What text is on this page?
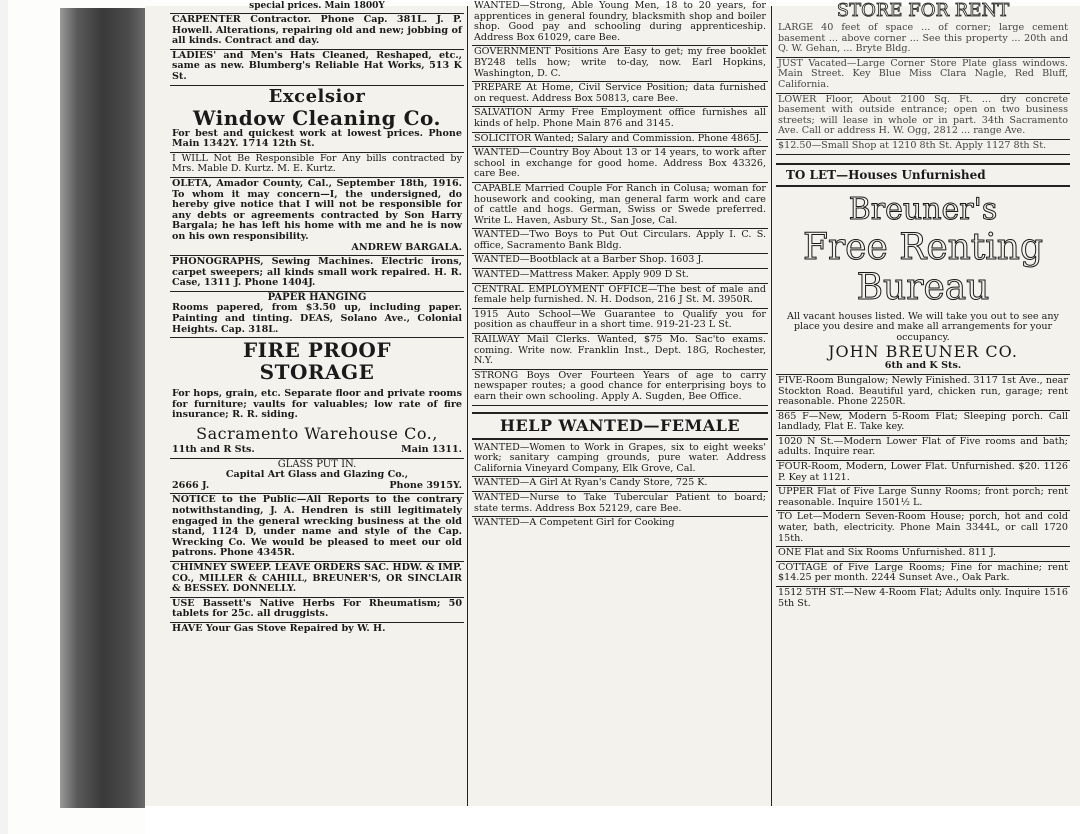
special prices. Main 1800Y
CARPENTER Contractor. Phone Cap. 381L. J. P. Howell. Alterations, repairing old and new; jobbing of all kinds. Contract and day.
LADIES' and Men's Hats Cleaned, Reshaped, etc., same as new. Blumberg's Reliable Hat Works, 513 K St.
Excelsior
Window Cleaning Co.
For best and quickest work at lowest prices. Phone Main 1342Y. 1714 12th St.
I WILL Not Be Responsible For Any bills contracted by Mrs. Mable D. Kurtz. M. E. Kurtz.
OLETA, Amador County, Cal., September 18th, 1916. To whom it may concern—I, the undersigned, do hereby give notice that I will not be responsible for any debts or agreements contracted by Son Harry Bargala; he has left his home with me and he is now on his own responsibility.
ANDREW BARGALA.
PHONOGRAPHS, Sewing Machines. Electric irons, carpet sweepers; all kinds small work repaired. H. R. Case, 1311 J. Phone 1404J.
PAPER HANGING
Rooms papered, from $3.50 up, including paper. Painting and tinting. DEAS, Solano Ave., Colonial Heights. Cap. 318L.
FIRE PROOF
STORAGE
For hops, grain, etc. Separate floor and private rooms for furniture; vaults for valuables; low rate of fire insurance; R. R. siding.
Sacramento Warehouse Co.,
11th and R Sts.	Main 1311.
GLASS PUT IN.
Capital Art Glass and Glazing Co.,
2666 J.	Phone 3915Y.
NOTICE to the Public—All Reports to the contrary notwithstanding, J. A. Hendren is still legitimately engaged in the general wrecking business at the old stand, 1124 D, under name and style of the Cap. Wrecking Co. We would be pleased to meet our old patrons. Phone 4345R.
CHIMNEY SWEEP. LEAVE ORDERS SAC. HDW. & IMP. CO., MILLER & CAHILL, BREUNER'S, OR SINCLAIR & BESSEY. DONNELLY.
USE Bassett's Native Herbs For Rheumatism; 50 tablets for 25c. all druggists.
HAVE Your Gas Stove Repaired by W. H.
WANTED—Strong, Able Young Men, 18 to 20 years, for apprentices in general foundry, blacksmith shop and boiler shop. Good pay and schooling during apprenticeship. Address Box 61029, care Bee.
GOVERNMENT Positions Are Easy to get; my free booklet BY248 tells how; write to-day, now. Earl Hopkins, Washington, D. C.
PREPARE At Home, Civil Service Position; data furnished on request. Address Box 50813, care Bee.
SALVATION Army Free Employment office furnishes all kinds of help. Phone Main 876 and 3145.
SOLICITOR Wanted; Salary and Commission. Phone 4865J.
WANTED—Country Boy About 13 or 14 years, to work after school in exchange for good home. Address Box 43326, care Bee.
CAPABLE Married Couple For Ranch in Colusa; woman for housework and cooking, man general farm work and care of cattle and hogs. German, Swiss or Swede preferred. Write L. Haven, Asbury St., San Jose, Cal.
WANTED—Two Boys to Put Out Circulars. Apply I. C. S. office, Sacramento Bank Bldg.
WANTED—Bootblack at a Barber Shop. 1603 J.
WANTED—Mattress Maker. Apply 909 D St.
CENTRAL EMPLOYMENT OFFICE—The best of male and female help furnished. N. H. Dodson, 216 J St. M. 3950R.
1915 Auto School—We Guarantee to Qualify you for position as chauffeur in a short time. 919-21-23 L St.
RAILWAY Mail Clerks. Wanted, $75 Mo. Sac'to exams. coming. Write now. Franklin Inst., Dept. 18G, Rochester, N.Y.
STRONG Boys Over Fourteen Years of age to carry newspaper routes; a good chance for enterprising boys to earn their own schooling. Apply A. Sugden, Bee Office.
HELP WANTED—FEMALE
WANTED—Women to Work in Grapes, six to eight weeks' work; sanitary camping grounds, pure water. Address California Vineyard Company, Elk Grove, Cal.
WANTED—A Girl At Ryan's Candy Store, 725 K.
WANTED—Nurse to Take Tubercular Patient to board; state terms. Address Box 52129, care Bee.
WANTED—A Competent Girl for Cooking
STORE FOR RENT
LARGE 40 feet of space ... of corner; large cement basement ... above corner ... See this property ... 20th and Q. W. Gehan, ... Bryte Bldg.
JUST Vacated—Large Corner Store Plate glass windows. Main Street. Key Blue Miss Clara Nagle, Red Bluff, California.
LOWER Floor, About 2100 Sq. Ft. ... dry concrete basement with outside entrance; open on two business streets; will lease in whole or in part. 34th Sacramento Ave. Call or address H. W. Ogg, 2812 ... range Ave.
$12.50—Small Shop at 1210 8th St. Apply 1127 8th St.
TO LET—Houses Unfurnished
Breuner's
Free Renting
Bureau
All vacant houses listed. We will take you out to see any place you desire and make all arrangements for your occupancy.
JOHN BREUNER CO.
6th and K Sts.
FIVE-Room Bungalow; Newly Finished. 3117 1st Ave., near Stockton Road. Beautiful yard, chicken run, garage; rent reasonable. Phone 2250R.
865 F—New, Modern 5-Room Flat; Sleeping porch. Call landlady, Flat E. Take key.
1020 N St.—Modern Lower Flat of Five rooms and bath; adults. Inquire rear.
FOUR-Room, Modern, Lower Flat. Unfurnished. $20. 1126 P. Key at 1121.
UPPER Flat of Five Large Sunny Rooms; front porch; rent reasonable. Inquire 1501½ L.
TO Let—Modern Seven-Room House; porch, hot and cold water, bath, electricity. Phone Main 3344L, or call 1720 15th.
ONE Flat and Six Rooms Unfurnished. 811 J.
COTTAGE of Five Large Rooms; Fine for machine; rent $14.25 per month. 2244 Sunset Ave., Oak Park.
1512 5TH ST.—New 4-Room Flat; Adults only. Inquire 1516 5th St.
